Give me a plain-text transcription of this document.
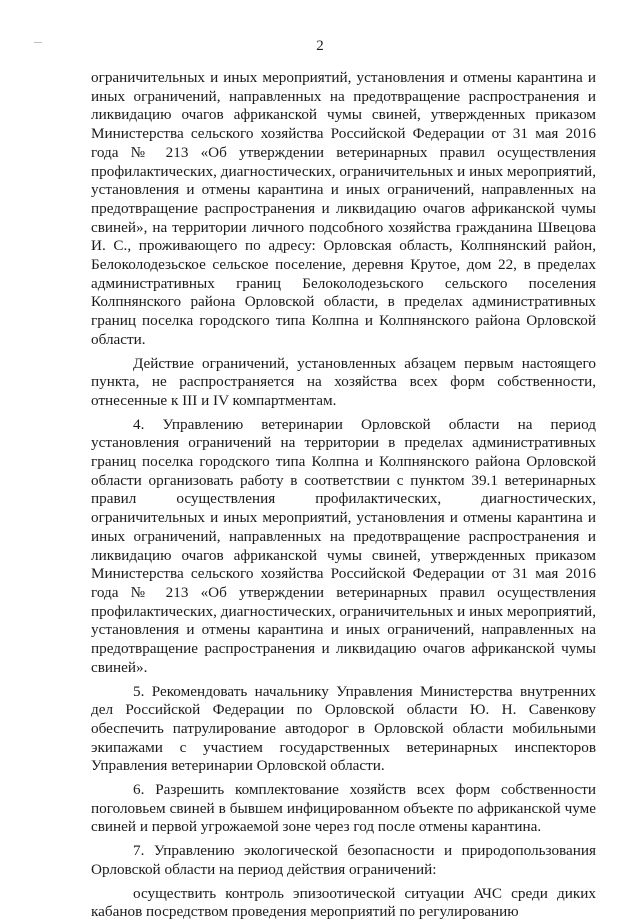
2

ограничительных и иных мероприятий, установления и отмены карантина и иных ограничений, направленных на предотвращение распространения и ликвидацию очагов африканской чумы свиней, утвержденных приказом Министерства сельского хозяйства Российской Федерации от 31 мая 2016 года № 213 «Об утверждении ветеринарных правил осуществления профилактических, диагностических, ограничительных и иных мероприятий, установления и отмены карантина и иных ограничений, направленных на предотвращение распространения и ликвидацию очагов африканской чумы свиней», на территории личного подсобного хозяйства гражданина Швецова И. С., проживающего по адресу: Орловская область, Колпнянский район, Белоколодезьское сельское поселение, деревня Крутое, дом 22, в пределах административных границ Белоколодезьского сельского поселения Колпнянского района Орловской области, в пределах административных границ поселка городского типа Колпна и Колпнянского района Орловской области.

Действие ограничений, установленных абзацем первым настоящего пункта, не распространяется на хозяйства всех форм собственности, отнесенные к III и IV компартментам.

4. Управлению ветеринарии Орловской области на период установления ограничений на территории в пределах административных границ поселка городского типа Колпна и Колпнянского района Орловской области организовать работу в соответствии с пунктом 39.1 ветеринарных правил осуществления профилактических, диагностических, ограничительных и иных мероприятий, установления и отмены карантина и иных ограничений, направленных на предотвращение распространения и ликвидацию очагов африканской чумы свиней, утвержденных приказом Министерства сельского хозяйства Российской Федерации от 31 мая 2016 года № 213 «Об утверждении ветеринарных правил осуществления профилактических, диагностических, ограничительных и иных мероприятий, установления и отмены карантина и иных ограничений, направленных на предотвращение распространения и ликвидацию очагов африканской чумы свиней».

5. Рекомендовать начальнику Управления Министерства внутренних дел Российской Федерации по Орловской области Ю. Н. Савенкову обеспечить патрулирование автодорог в Орловской области мобильными экипажами с участием государственных ветеринарных инспекторов Управления ветеринарии Орловской области.

6. Разрешить комплектование хозяйств всех форм собственности поголовьем свиней в бывшем инфицированном объекте по африканской чуме свиней и первой угрожаемой зоне через год после отмены карантина.

7. Управлению экологической безопасности и природопользования Орловской области на период действия ограничений:

осуществить контроль эпизоотической ситуации АЧС среди диких кабанов посредством проведения мероприятий по регулированию
